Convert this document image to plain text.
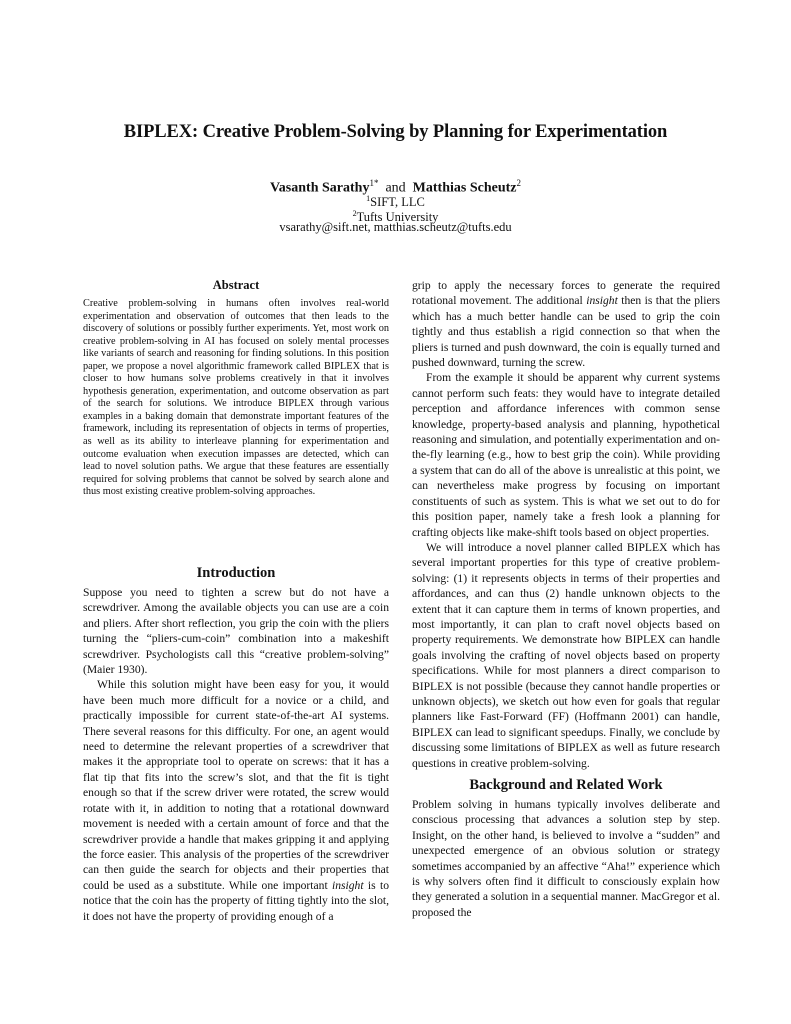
BIPLEX: Creative Problem-Solving by Planning for Experimentation
Vasanth Sarathy$^{1*}$ and Matthias Scheutz$^2$
$^1$SIFT, LLC
$^2$Tufts University
vsarathy@sift.net, matthias.scheutz@tufts.edu
Abstract
Creative problem-solving in humans often involves real-world experimentation and observation of outcomes that then leads to the discovery of solutions or possibly further experiments. Yet, most work on creative problem-solving in AI has focused on solely mental processes like variants of search and reasoning for finding solutions. In this position paper, we propose a novel algorithmic framework called BIPLEX that is closer to how humans solve problems creatively in that it involves hypothesis generation, experimentation, and outcome observation as part of the search for solutions. We introduce BIPLEX through various examples in a baking domain that demonstrate important features of the framework, including its representation of objects in terms of properties, as well as its ability to interleave planning for experimentation and outcome evaluation when execution impasses are detected, which can lead to novel solution paths. We argue that these features are essentially required for solving problems that cannot be solved by search alone and thus most existing creative problem-solving approaches.
Introduction

Suppose you need to tighten a screw but do not have a screwdriver. Among the available objects you can use are a coin and pliers. After short reflection, you grip the coin with the pliers turning the “pliers-cum-coin” combination into a makeshift screwdriver. Psychologists call this “creative problem-solving” (Maier 1930).

While this solution might have been easy for you, it would have been much more difficult for a novice or a child, and practically impossible for current state-of-the-art AI systems. There several reasons for this difficulty. For one, an agent would need to determine the relevant properties of a screwdriver that makes it the appropriate tool to operate on screws: that it has a flat tip that fits into the screw’s slot, and that the fit is tight enough so that if the screw driver were rotated, the screw would rotate with it, in addition to noting that a rotational downward movement is needed with a certain amount of force and that the screwdriver provide a handle that makes gripping it and applying the force easier. This analysis of the properties of the screwdriver can then guide the search for objects and their properties that could be used as a substitute. While one important insight is to notice that the coin has the property of fitting tightly into the slot, it does not have the property of providing enough of a

grip to apply the necessary forces to generate the required rotational movement. The additional insight then is that the pliers which has a much better handle can be used to grip the coin tightly and thus establish a rigid connection so that when the pliers is turned and push downward, the coin is equally turned and pushed downward, turning the screw.

From the example it should be apparent why current systems cannot perform such feats: they would have to integrate detailed perception and affordance inferences with common sense knowledge, property-based analysis and planning, hypothetical reasoning and simulation, and potentially experimentation and on-the-fly learning (e.g., how to best grip the coin). While providing a system that can do all of the above is unrealistic at this point, we can nevertheless make progress by focusing on important constituents of such as system. This is what we set out to do for this position paper, namely take a fresh look a planning for crafting objects like make-shift tools based on object properties.

We will introduce a novel planner called BIPLEX which has several important properties for this type of creative problem-solving: (1) it represents objects in terms of their properties and affordances, and can thus (2) handle unknown objects to the extent that it can capture them in terms of known properties, and most importantly, it can plan to craft novel objects based on property requirements. We demonstrate how BIPLEX can handle goals involving the crafting of novel objects based on property specifications. While for most planners a direct comparison to BIPLEX is not possible (because they cannot handle properties or unknown objects), we sketch out how even for goals that regular planners like Fast-Forward (FF) (Hoffmann 2001) can handle, BIPLEX can lead to significant speedups. Finally, we conclude by discussing some limitations of BIPLEX as well as future research questions in creative problem-solving.

Background and Related Work

Problem solving in humans typically involves deliberate and conscious processing that advances a solution step by step. Insight, on the other hand, is believed to involve a “sudden” and unexpected emergence of an obvious solution or strategy sometimes accompanied by an affective “Aha!” experience which is why solvers often find it difficult to consciously explain how they generated a solution in a sequential manner. MacGregor et al. proposed the
